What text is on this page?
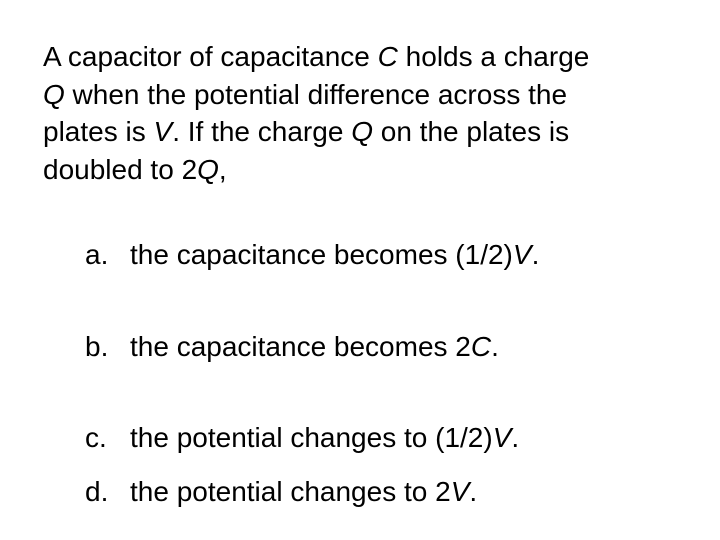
A capacitor of capacitance C holds a charge
Q when the potential difference across the
plates is V. If the charge Q on the plates is
doubled to 2Q,
a. the capacitance becomes (1/2)V.
b. the capacitance becomes 2C.
c. the potential changes to (1/2)V.
d. the potential changes to 2V.
